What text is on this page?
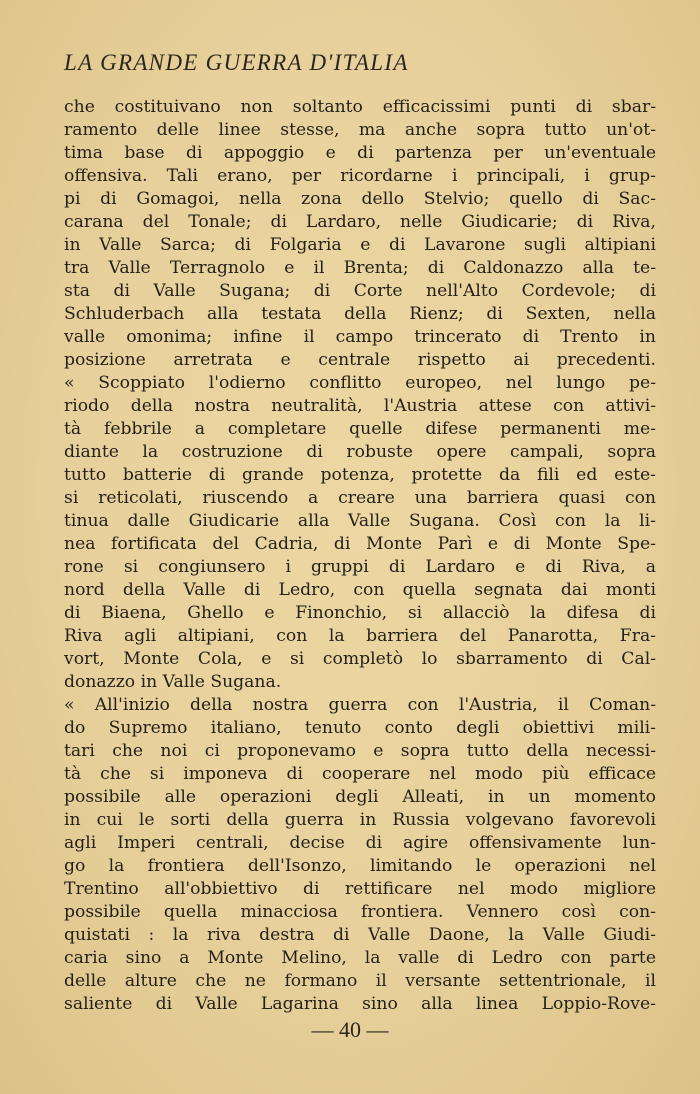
LA GRANDE GUERRA D'ITALIA
che costituivano non soltanto efficacissimi punti di sbar-
ramento delle linee stesse, ma anche sopra tutto un'ot-
tima base di appoggio e di partenza per un'eventuale
offensiva. Tali erano, per ricordarne i principali, i grup-
pi di Gomagoi, nella zona dello Stelvio; quello di Sac-
carana del Tonale; di Lardaro, nelle Giudicarie; di Riva,
in Valle Sarca; di Folgaria e di Lavarone sugli altipiani
tra Valle Terragnolo e il Brenta; di Caldonazzo alla te-
sta di Valle Sugana; di Corte nell'Alto Cordevole; di
Schluderbach alla testata della Rienz; di Sexten, nella
valle omonima; infine il campo trincerato di Trento in
posizione arretrata e centrale rispetto ai precedenti.
« Scoppiato l'odierno conflitto europeo, nel lungo pe-
riodo della nostra neutralità, l'Austria attese con attivi-
tà febbrile a completare quelle difese permanenti me-
diante la costruzione di robuste opere campali, sopra
tutto batterie di grande potenza, protette da fili ed este-
si reticolati, riuscendo a creare una barriera quasi con
tinua dalle Giudicarie alla Valle Sugana. Così con la li-
nea fortificata del Cadria, di Monte Parì e di Monte Spe-
rone si congiunsero i gruppi di Lardaro e di Riva, a
nord della Valle di Ledro, con quella segnata dai monti
di Biaena, Ghello e Finonchio, si allacciò la difesa di
Riva agli altipiani, con la barriera del Panarotta, Fra-
vort, Monte Cola, e si completò lo sbarramento di Cal-
donazzo in Valle Sugana.
« All'inizio della nostra guerra con l'Austria, il Coman-
do Supremo italiano, tenuto conto degli obiettivi mili-
tari che noi ci proponevamo e sopra tutto della necessi-
tà che si imponeva di cooperare nel modo più efficace
possibile alle operazioni degli Alleati, in un momento
in cui le sorti della guerra in Russia volgevano favorevoli
agli Imperi centrali, decise di agire offensivamente lun-
go la frontiera dell'Isonzo, limitando le operazioni nel
Trentino all'obbiettivo di rettificare nel modo migliore
possibile quella minacciosa frontiera. Vennero così con-
quistati : la riva destra di Valle Daone, la Valle Giudi-
caria sino a Monte Melino, la valle di Ledro con parte
delle alture che ne formano il versante settentrionale, il
saliente di Valle Lagarina sino alla linea Loppio-Rove-
— 40 —
